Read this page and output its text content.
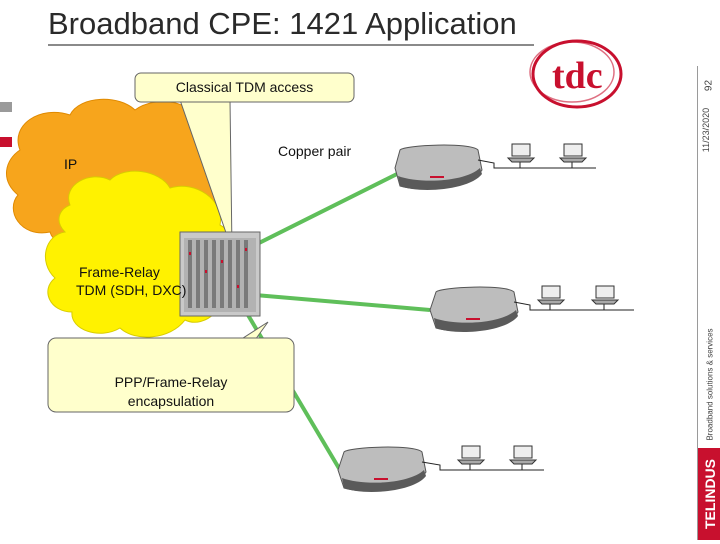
Broadband CPE: 1421 Application
tdc
Classical TDM access
Copper pair
IP
Frame-Relay
TDM (SDH, DXC)
PPP/Frame-Relay
encapsulation
92
11/23/2020
Broadband solutions & services
TELINDUS
